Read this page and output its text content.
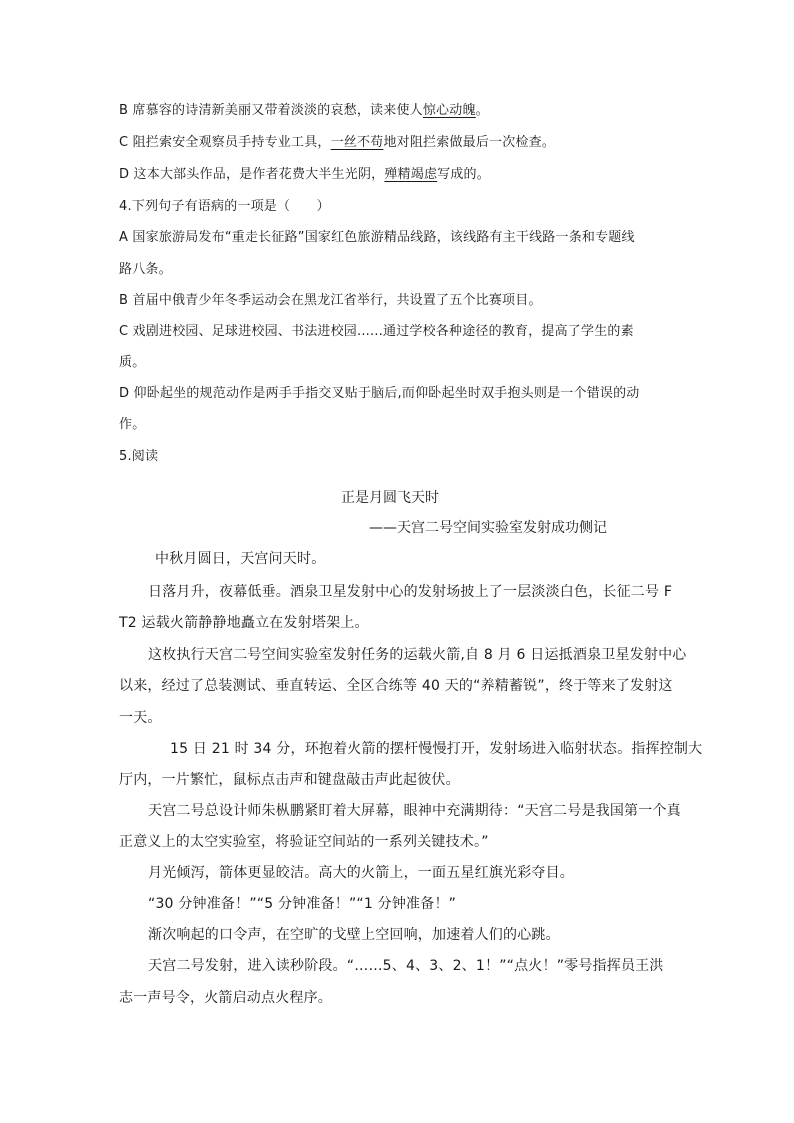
B 席慕容的诗清新美丽又带着淡淡的哀愁，读来使人惊心动魄。
C 阻拦索安全观察员手持专业工具，一丝不苟地对阻拦索做最后一次检查。
D 这本大部头作品，是作者花费大半生光阴，殚精竭虑写成的。
4.下列句子有语病的一项是（　　）
A 国家旅游局发布“重走长征路”国家红色旅游精品线路，该线路有主干线路一条和专题线
路八条。
B 首届中俄青少年冬季运动会在黑龙江省举行，共设置了五个比赛项目。
C 戏剧进校园、足球进校园、书法进校园......通过学校各种途径的教育，提高了学生的素
质。
D 仰卧起坐的规范动作是两手手指交叉贴于脑后,而仰卧起坐时双手抱头则是一个错误的动
作。
5.阅读
正是月圆飞天时
——天宫二号空间实验室发射成功侧记
中秋月圆日，天宫问天时。
日落月升，夜幕低垂。酒泉卫星发射中心的发射场披上了一层淡淡白色，长征二号 F
T2 运载火箭静静地矗立在发射塔架上。
这枚执行天宫二号空间实验室发射任务的运载火箭,自 8 月 6 日运抵酒泉卫星发射中心
以来，经过了总装测试、垂直转运、全区合练等 40 天的“养精蓄锐”，终于等来了发射这
一天。
15 日 21 时 34 分，环抱着火箭的摆杆慢慢打开，发射场进入临射状态。指挥控制大
厅内，一片繁忙，鼠标点击声和键盘敲击声此起彼伏。
天宫二号总设计师朱枞鹏紧盯着大屏幕，眼神中充满期待：“天宫二号是我国第一个真
正意义上的太空实验室，将验证空间站的一系列关键技术。”
月光倾泻，箭体更显皎洁。高大的火箭上，一面五星红旗光彩夺目。
“30 分钟准备！”“5 分钟准备！”“1 分钟准备！”
渐次响起的口令声，在空旷的戈壁上空回响，加速着人们的心跳。
天宫二号发射，进入读秒阶段。“……5、4、3、2、1！”“点火！”零号指挥员王洪
志一声号令，火箭启动点火程序。
